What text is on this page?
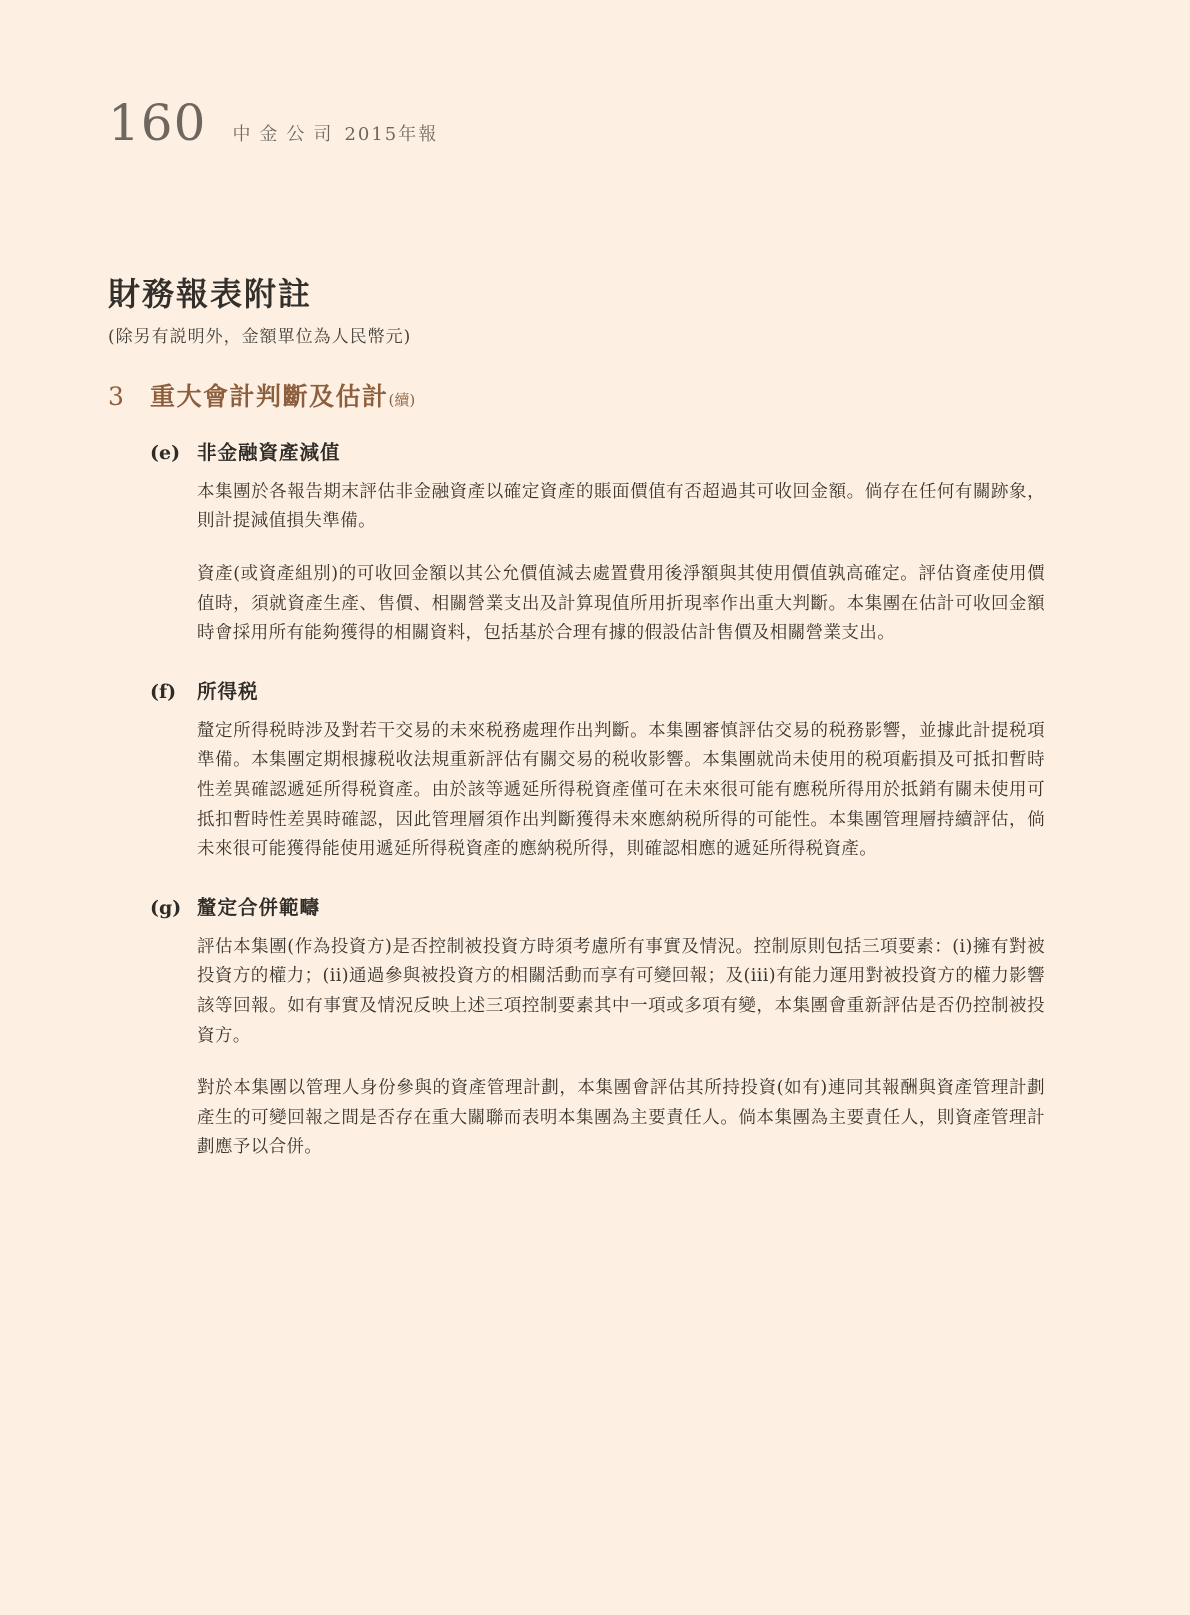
160 中金公司 2015年報
財務報表附註

(除另有説明外，金額單位為人民幣元)

3	重大會計判斷及估計(續)
(e) 非金融資產減值

本集團於各報告期末評估非金融資產以確定資產的賬面價值有否超過其可收回金額。倘存在任何有關跡象，則計提減值損失準備。

資產(或資產組別)的可收回金額以其公允價值減去處置費用後淨額與其使用價值孰高確定。評估資產使用價值時，須就資產生產、售價、相關營業支出及計算現值所用折現率作出重大判斷。本集團在估計可收回金額時會採用所有能夠獲得的相關資料，包括基於合理有據的假設估計售價及相關營業支出。

(f)	所得税

釐定所得税時涉及對若干交易的未來税務處理作出判斷。本集團審慎評估交易的税務影響，並據此計提税項準備。本集團定期根據税收法規重新評估有關交易的税收影響。本集團就尚未使用的税項虧損及可抵扣暫時性差異確認遞延所得税資產。由於該等遞延所得税資產僅可在未來很可能有應税所得用於抵銷有關未使用可抵扣暫時性差異時確認，因此管理層須作出判斷獲得未來應納税所得的可能性。本集團管理層持續評估，倘未來很可能獲得能使用遞延所得税資產的應納税所得，則確認相應的遞延所得税資產。

(g) 釐定合併範疇

評估本集團(作為投資方)是否控制被投資方時須考慮所有事實及情況。控制原則包括三項要素：(i)擁有對被投資方的權力；(ii)通過參與被投資方的相關活動而享有可變回報；及(iii)有能力運用對被投資方的權力影響該等回報。如有事實及情況反映上述三項控制要素其中一項或多項有變，本集團會重新評估是否仍控制被投資方。

對於本集團以管理人身份參與的資產管理計劃，本集團會評估其所持投資(如有)連同其報酬與資產管理計劃產生的可變回報之間是否存在重大關聯而表明本集團為主要責任人。倘本集團為主要責任人，則資產管理計劃應予以合併。
